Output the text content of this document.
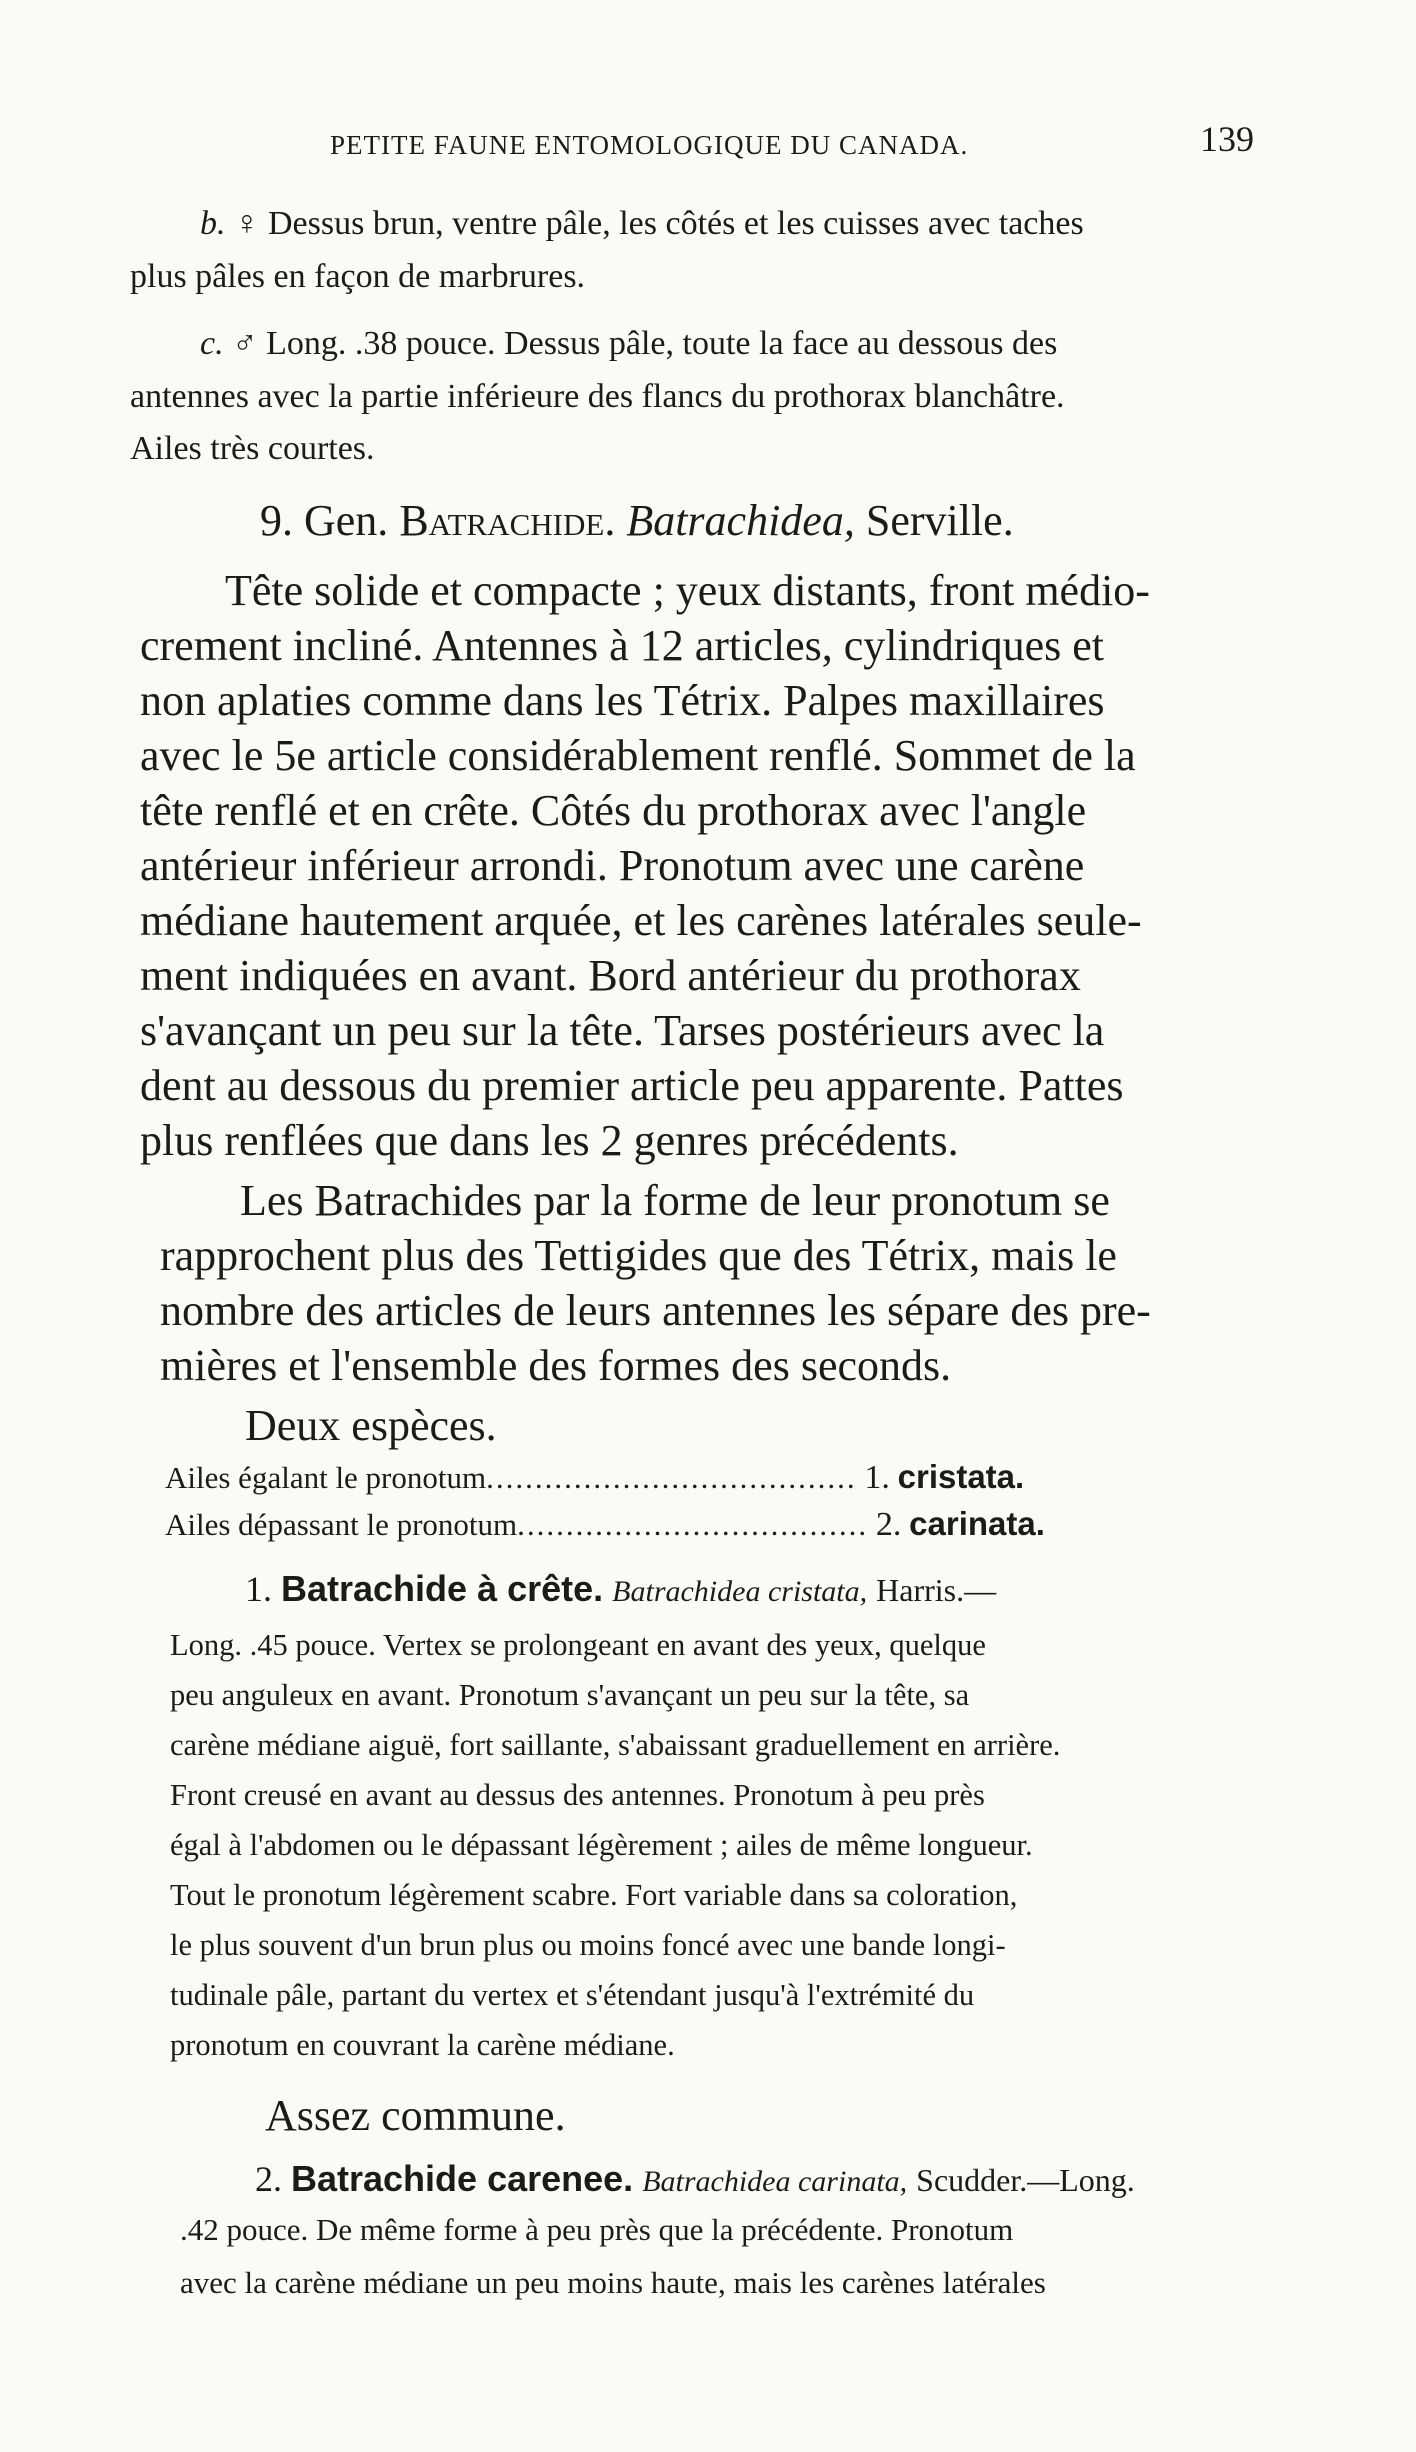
PETITE FAUNE ENTOMOLOGIQUE DU CANADA.	139
b. ♀ Dessus brun, ventre pâle, les côtés et les cuisses avec taches
plus pâles en façon de marbrures.
c. ♂ Long. .38 pouce. Dessus pâle, toute la face au dessous des
antennes avec la partie inférieure des flancs du prothorax blanchâtre.
Ailes très courtes.
9. Gen. Batrachide. Batrachidea, Serville.
Tête solide et compacte ; yeux distants, front médio-
crement incliné. Antennes à 12 articles, cylindriques et
non aplaties comme dans les Tétrix. Palpes maxillaires
avec le 5e article considérablement renflé. Sommet de la
tête renflé et en crête. Côtés du prothorax avec l'angle
antérieur inférieur arrondi. Pronotum avec une carène
médiane hautement arquée, et les carènes latérales seule-
ment indiquées en avant. Bord antérieur du prothorax
s'avançant un peu sur la tête. Tarses postérieurs avec la
dent au dessous du premier article peu apparente. Pattes
plus renflées que dans les 2 genres précédents.
Les Batrachides par la forme de leur pronotum se
rapprochent plus des Tettigides que des Tétrix, mais le
nombre des articles de leurs antennes les sépare des pre-
mières et l'ensemble des formes des seconds.
Deux espèces.
Ailes égalant le pronotum...................................... 1. cristata.
Ailes dépassant le pronotum.................................... 2. carinata.
1. Batrachide à crête. Batrachidea cristata, Harris.—
Long. .45 pouce. Vertex se prolongeant en avant des yeux, quelque
peu anguleux en avant. Pronotum s'avançant un peu sur la tête, sa
carène médiane aiguë, fort saillante, s'abaissant graduellement en arrière.
Front creusé en avant au dessus des antennes. Pronotum à peu près
égal à l'abdomen ou le dépassant légèrement ; ailes de même longueur.
Tout le pronotum légèrement scabre. Fort variable dans sa coloration,
le plus souvent d'un brun plus ou moins foncé avec une bande longi-
tudinale pâle, partant du vertex et s'étendant jusqu'à l'extrémité du
pronotum en couvrant la carène médiane.
Assez commune.
2. Batrachide carenee. Batrachidea carinata, Scudder.—Long.
.42 pouce. De même forme à peu près que la précédente. Pronotum
avec la carène médiane un peu moins haute, mais les carènes latérales
